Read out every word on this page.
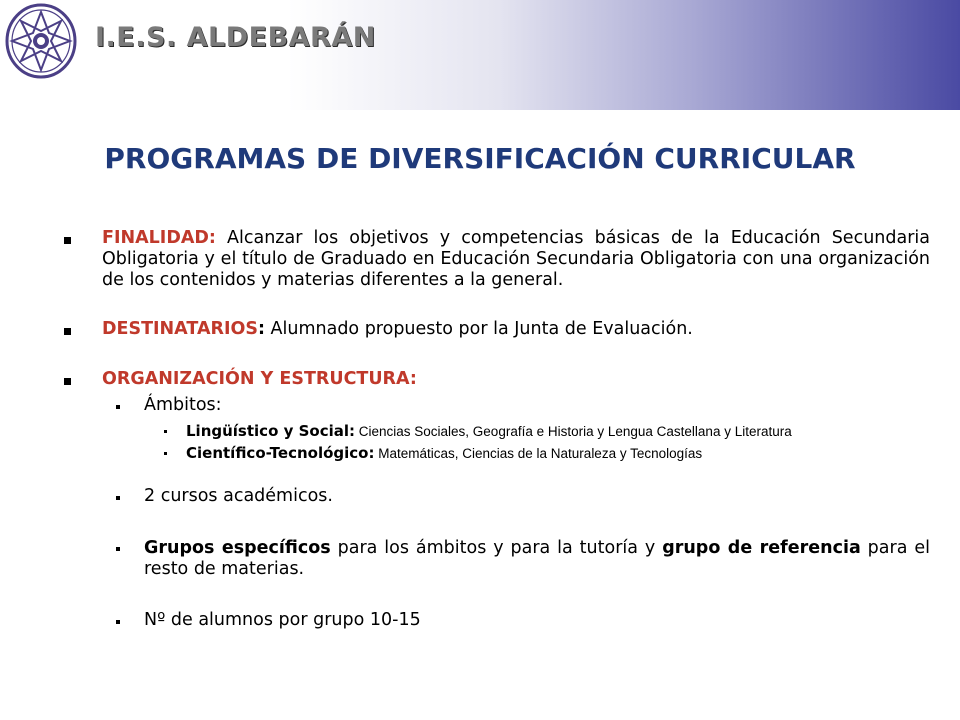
I.E.S. ALDEBARÁN
PROGRAMAS DE DIVERSIFICACIÓN CURRICULAR
FINALIDAD: Alcanzar los objetivos y competencias básicas de la Educación Secundaria Obligatoria y el título de Graduado en Educación Secundaria Obligatoria con una organización de los contenidos y materias diferentes a la general.
DESTINATARIOS: Alumnado propuesto por la Junta de Evaluación.
ORGANIZACIÓN Y ESTRUCTURA:
Ámbitos:
Lingüístico y Social: Ciencias Sociales, Geografía e Historia y Lengua Castellana y Literatura
Científico-Tecnológico: Matemáticas, Ciencias de la Naturaleza y Tecnologías
2 cursos académicos.
Grupos específicos para los ámbitos y para la tutoría y grupo de referencia para el resto de materias.
Nº de alumnos por grupo 10-15
